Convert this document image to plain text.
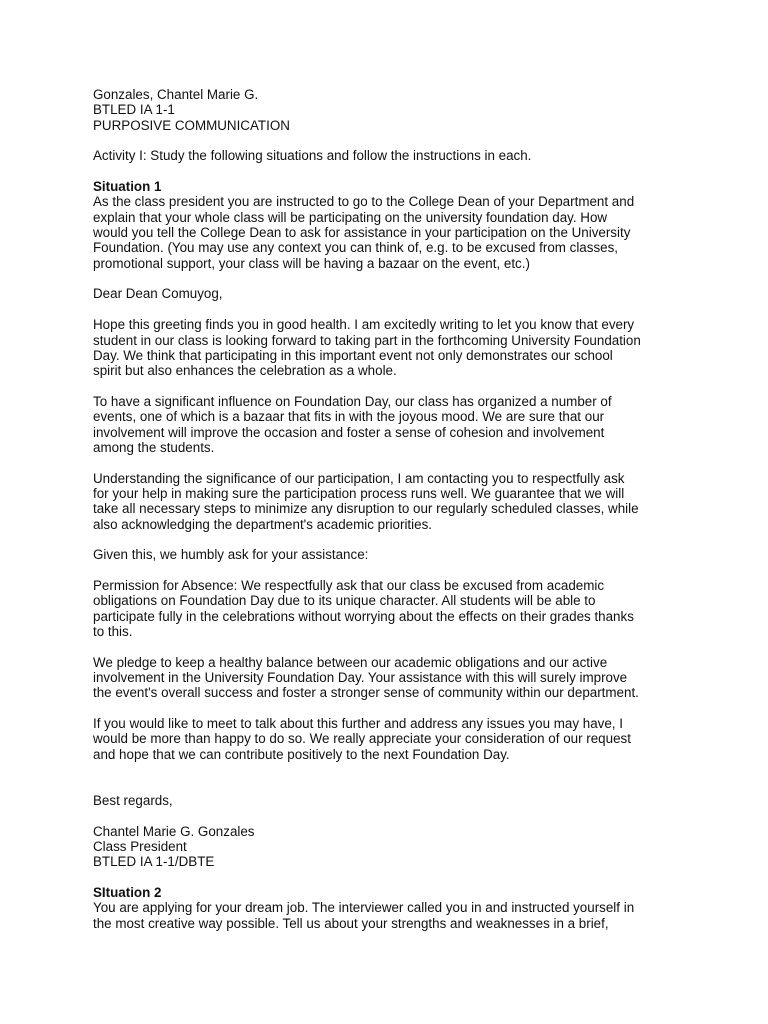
Gonzales, Chantel Marie G.
BTLED IA 1-1
PURPOSIVE COMMUNICATION
Activity I: Study the following situations and follow the instructions in each.
Situation 1
As the class president you are instructed to go to the College Dean of your Department and
explain that your whole class will be participating on the university foundation day. How
would you tell the College Dean to ask for assistance in your participation on the University
Foundation. (You may use any context you can think of, e.g. to be excused from classes,
promotional support, your class will be having a bazaar on the event, etc.)
Dear Dean Comuyog,
Hope this greeting finds you in good health. I am excitedly writing to let you know that every
student in our class is looking forward to taking part in the forthcoming University Foundation
Day. We think that participating in this important event not only demonstrates our school
spirit but also enhances the celebration as a whole.
To have a significant influence on Foundation Day, our class has organized a number of
events, one of which is a bazaar that fits in with the joyous mood. We are sure that our
involvement will improve the occasion and foster a sense of cohesion and involvement
among the students.
Understanding the significance of our participation, I am contacting you to respectfully ask
for your help in making sure the participation process runs well. We guarantee that we will
take all necessary steps to minimize any disruption to our regularly scheduled classes, while
also acknowledging the department's academic priorities.
Given this, we humbly ask for your assistance:
Permission for Absence: We respectfully ask that our class be excused from academic
obligations on Foundation Day due to its unique character. All students will be able to
participate fully in the celebrations without worrying about the effects on their grades thanks
to this.
We pledge to keep a healthy balance between our academic obligations and our active
involvement in the University Foundation Day. Your assistance with this will surely improve
the event's overall success and foster a stronger sense of community within our department.
If you would like to meet to talk about this further and address any issues you may have, I
would be more than happy to do so. We really appreciate your consideration of our request
and hope that we can contribute positively to the next Foundation Day.
Best regards,
Chantel Marie G. Gonzales
Class President
BTLED IA 1-1/DBTE
SItuation 2
You are applying for your dream job. The interviewer called you in and instructed yourself in
the most creative way possible. Tell us about your strengths and weaknesses in a brief,
